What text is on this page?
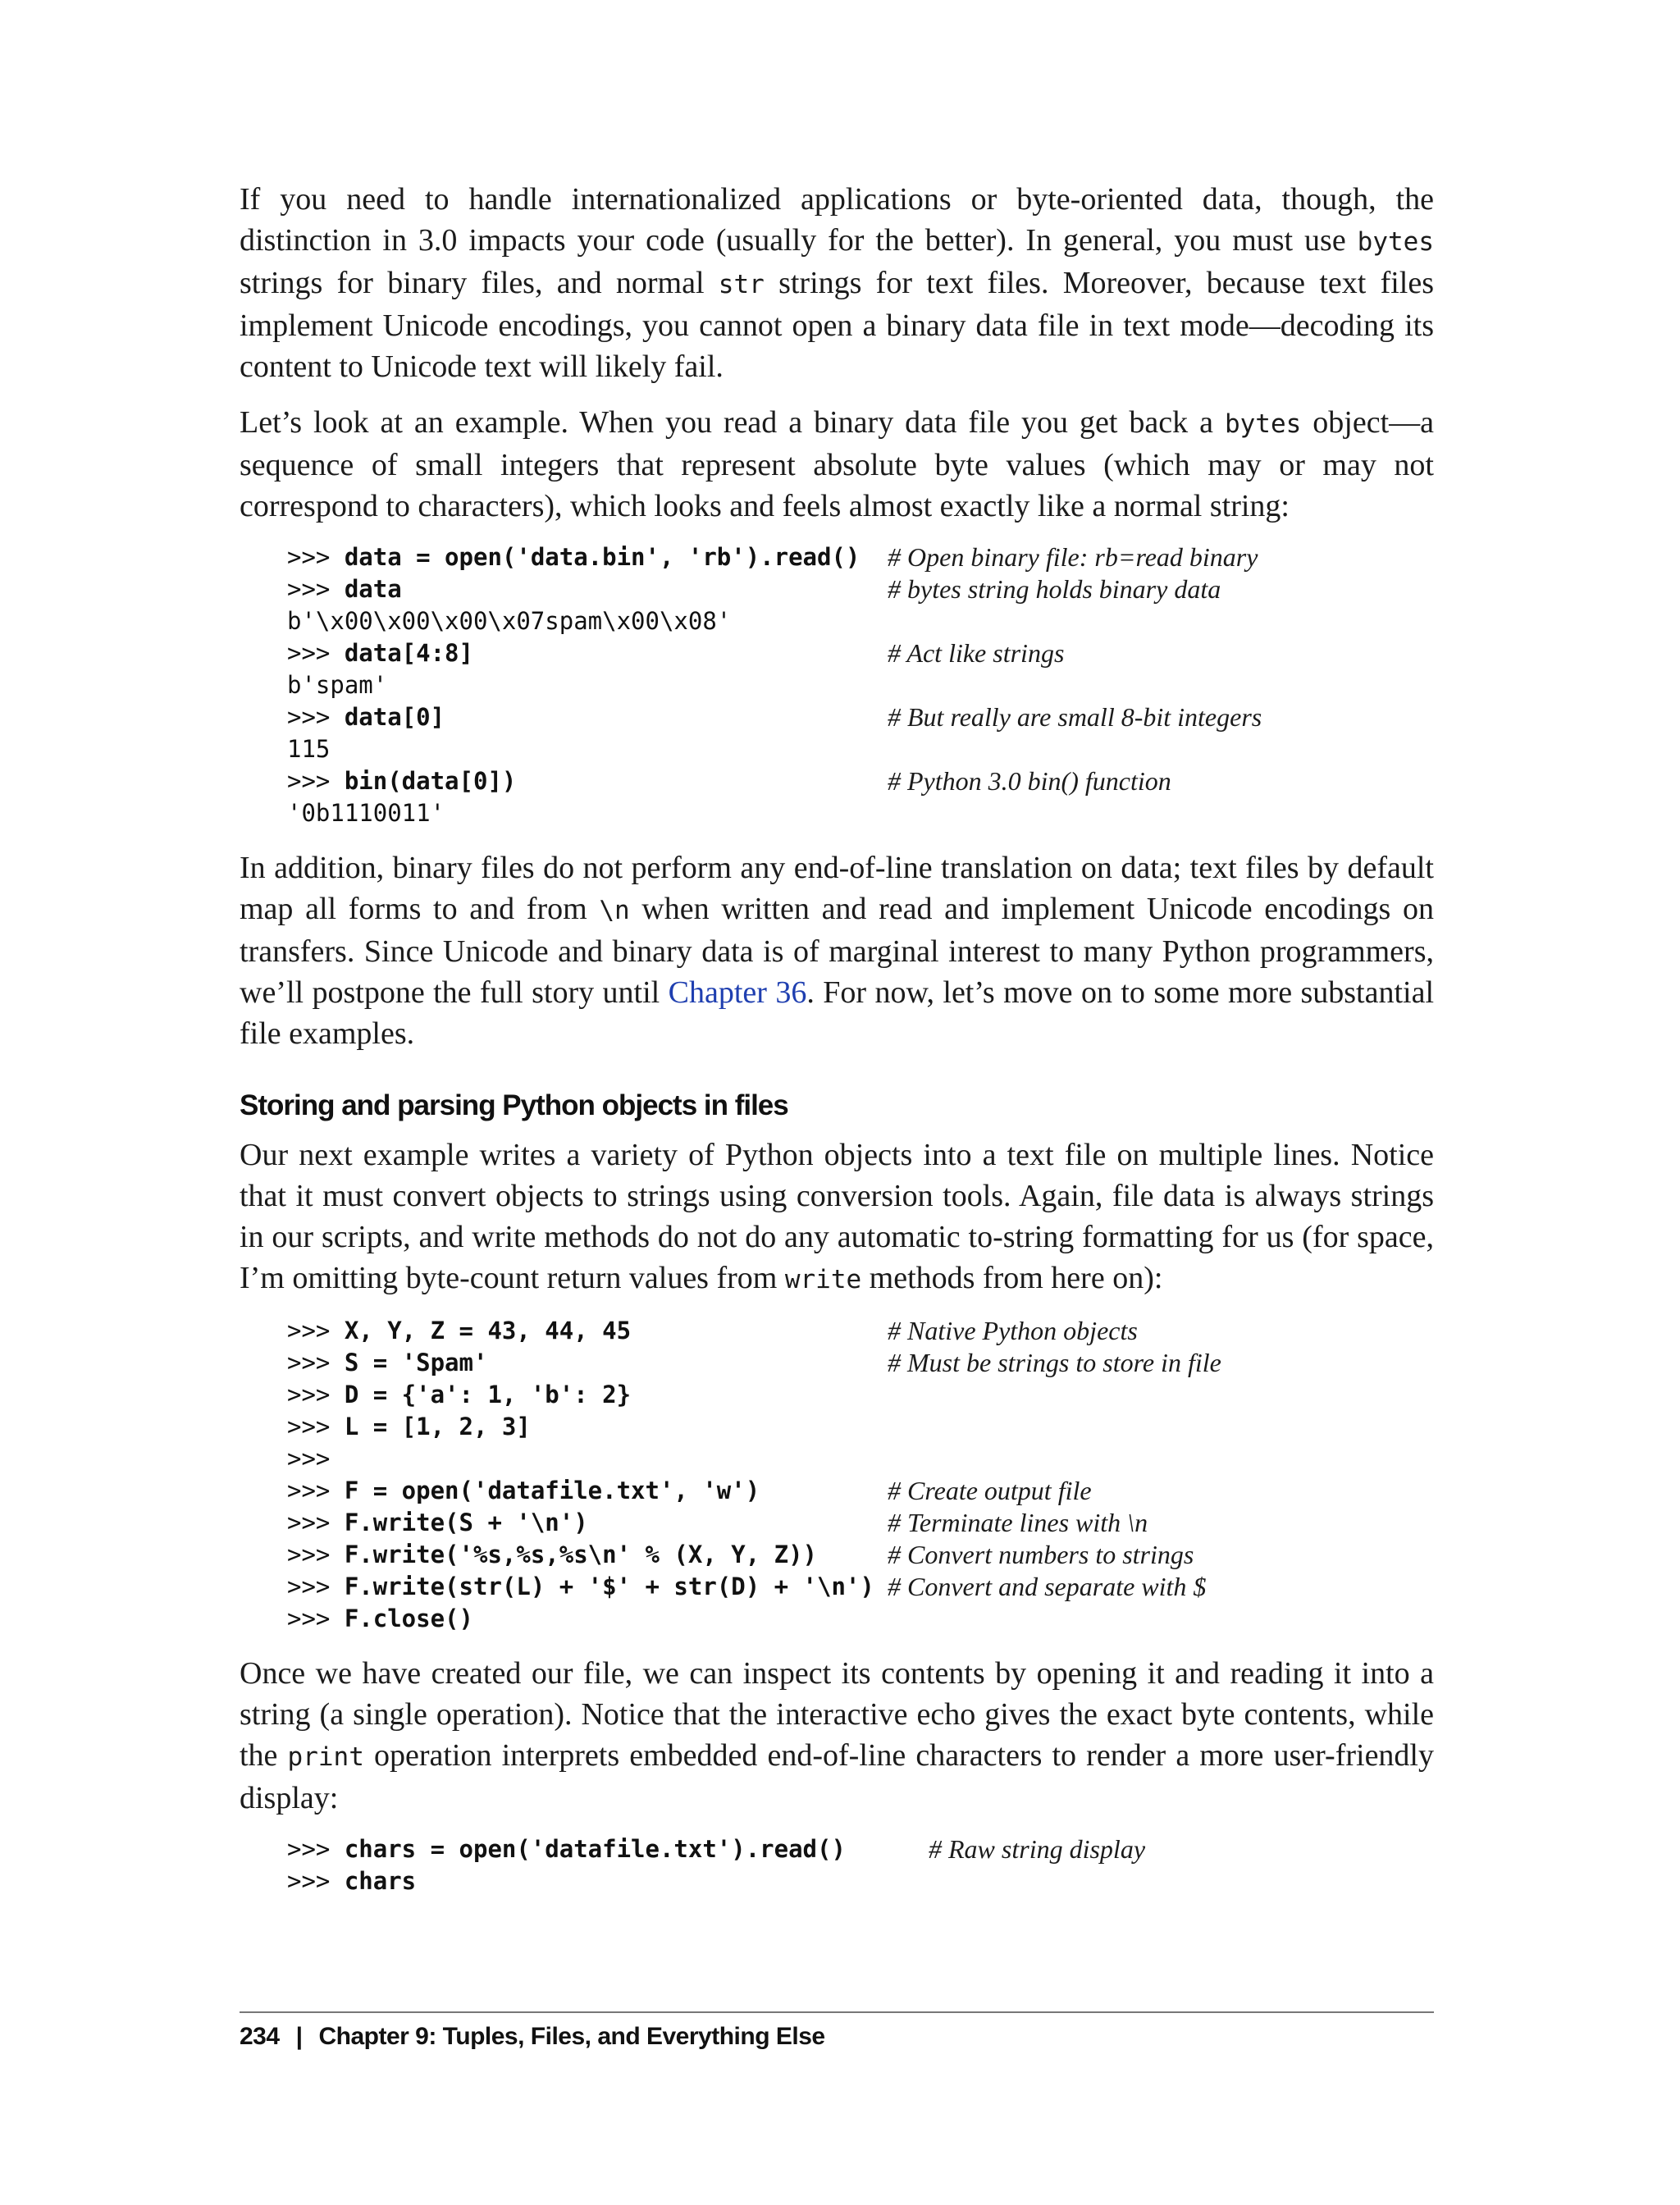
If you need to handle internationalized applications or byte-oriented data, though, the distinction in 3.0 impacts your code (usually for the better). In general, you must use bytes strings for binary files, and normal str strings for text files. Moreover, because text files implement Unicode encodings, you cannot open a binary data file in text mode—decoding its content to Unicode text will likely fail.

Let’s look at an example. When you read a binary data file you get back a bytes object—a sequence of small integers that represent absolute byte values (which may or may not correspond to characters), which looks and feels almost exactly like a normal string:

>>> data = open('data.bin', 'rb').read() # Open binary file: rb=read binary
>>> data	# bytes string holds binary data
b'\x00\x00\x00\x07spam\x00\x08'
>>> data[4:8]	# Act like strings
b'spam'
>>> data[0]	# But really are small 8-bit integers
115
>>> bin(data[0])	# Python 3.0 bin() function
'0b1110011'

In addition, binary files do not perform any end-of-line translation on data; text files by default map all forms to and from \n when written and read and implement Unicode encodings on transfers. Since Unicode and binary data is of marginal interest to many Python programmers, we’ll postpone the full story until Chapter 36. For now, let’s move on to some more substantial file examples.

Storing and parsing Python objects in files

Our next example writes a variety of Python objects into a text file on multiple lines. Notice that it must convert objects to strings using conversion tools. Again, file data is always strings in our scripts, and write methods do not do any automatic to-string formatting for us (for space, I’m omitting byte-count return values from write methods from here on):

>>> X, Y, Z = 43, 44, 45	# Native Python objects
>>> S = 'Spam'	# Must be strings to store in file
>>> D = {'a': 1, 'b': 2}
>>> L = [1, 2, 3]
>>>
>>> F = open('datafile.txt', 'w')	# Create output file
>>> F.write(S + '\n')	# Terminate lines with \n
>>> F.write('%s,%s,%s\n' % (X, Y, Z))	# Convert numbers to strings
>>> F.write(str(L) + '$' + str(D) + '\n') # Convert and separate with $
>>> F.close()

Once we have created our file, we can inspect its contents by opening it and reading it into a string (a single operation). Notice that the interactive echo gives the exact byte contents, while the print operation interprets embedded end-of-line characters to render a more user-friendly display:

>>> chars = open('datafile.txt').read()	# Raw string display
>>> chars
234 | Chapter 9: Tuples, Files, and Everything Else
